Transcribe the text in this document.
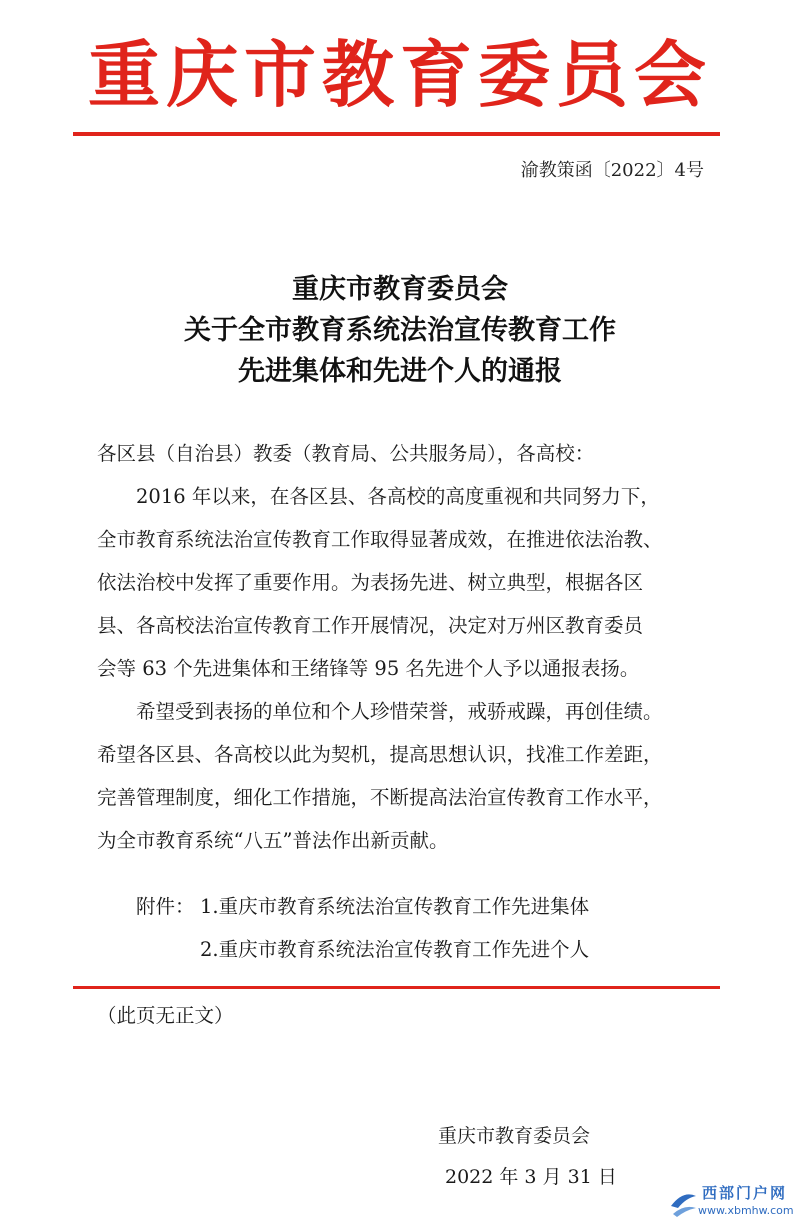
重庆市教育委员会
渝教策函〔2022〕4号
重庆市教育委员会
关于全市教育系统法治宣传教育工作
先进集体和先进个人的通报
各区县（自治县）教委（教育局、公共服务局），各高校：
2016 年以来，在各区县、各高校的高度重视和共同努力下，
全市教育系统法治宣传教育工作取得显著成效，在推进依法治教、
依法治校中发挥了重要作用。为表扬先进、树立典型，根据各区
县、各高校法治宣传教育工作开展情况，决定对万州区教育委员
会等 63 个先进集体和王绪锋等 95 名先进个人予以通报表扬。
希望受到表扬的单位和个人珍惜荣誉，戒骄戒躁，再创佳绩。
希望各区县、各高校以此为契机，提高思想认识，找准工作差距，
完善管理制度，细化工作措施，不断提高法治宣传教育工作水平，
为全市教育系统“八五”普法作出新贡献。
附件： 1.重庆市教育系统法治宣传教育工作先进集体
2.重庆市教育系统法治宣传教育工作先进个人
（此页无正文）
重庆市教育委员会
2022 年 3 月 31 日
西部门户网
www.xbmhw.com
